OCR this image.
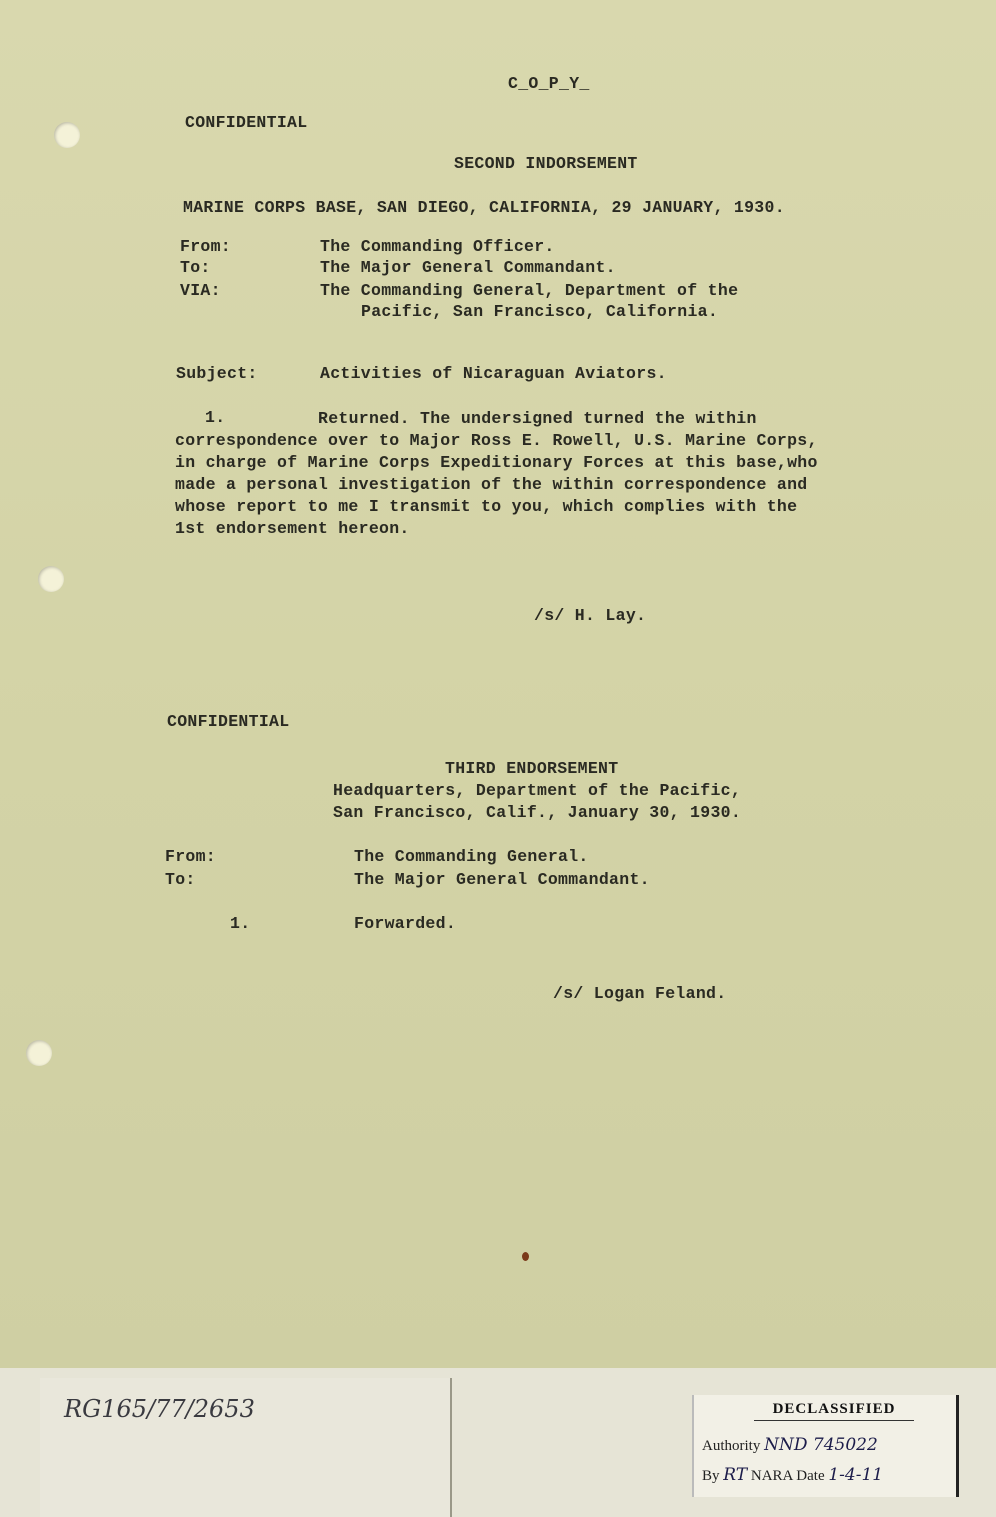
C_O_P_Y_
CONFIDENTIAL
SECOND INDORSEMENT
MARINE CORPS BASE, SAN DIEGO, CALIFORNIA, 29 JANUARY, 1930.
From:	The Commanding Officer.
To:	The Major General Commandant.
VIA:	The Commanding General, Department of the
Pacific, San Francisco, California.
Subject:	Activities of Nicaraguan Aviators.
1.	Returned. The undersigned turned the within
correspondence over to Major Ross E. Rowell, U.S. Marine Corps,
in charge of Marine Corps Expeditionary Forces at this base,who
made a personal investigation of the within correspondence and
whose report to me I transmit to you, which complies with the
1st endorsement hereon.
/s/ H. Lay.
CONFIDENTIAL
THIRD ENDORSEMENT
Headquarters, Department of the Pacific,
San Francisco, Calif., January 30, 1930.
From:	The Commanding General.
To:	The Major General Commandant.
1.	Forwarded.
/s/ Logan Feland.
RG165/77/2653	DECLASSIFIED
Authority NND 745022
By RT NARA Date 1-4-11
